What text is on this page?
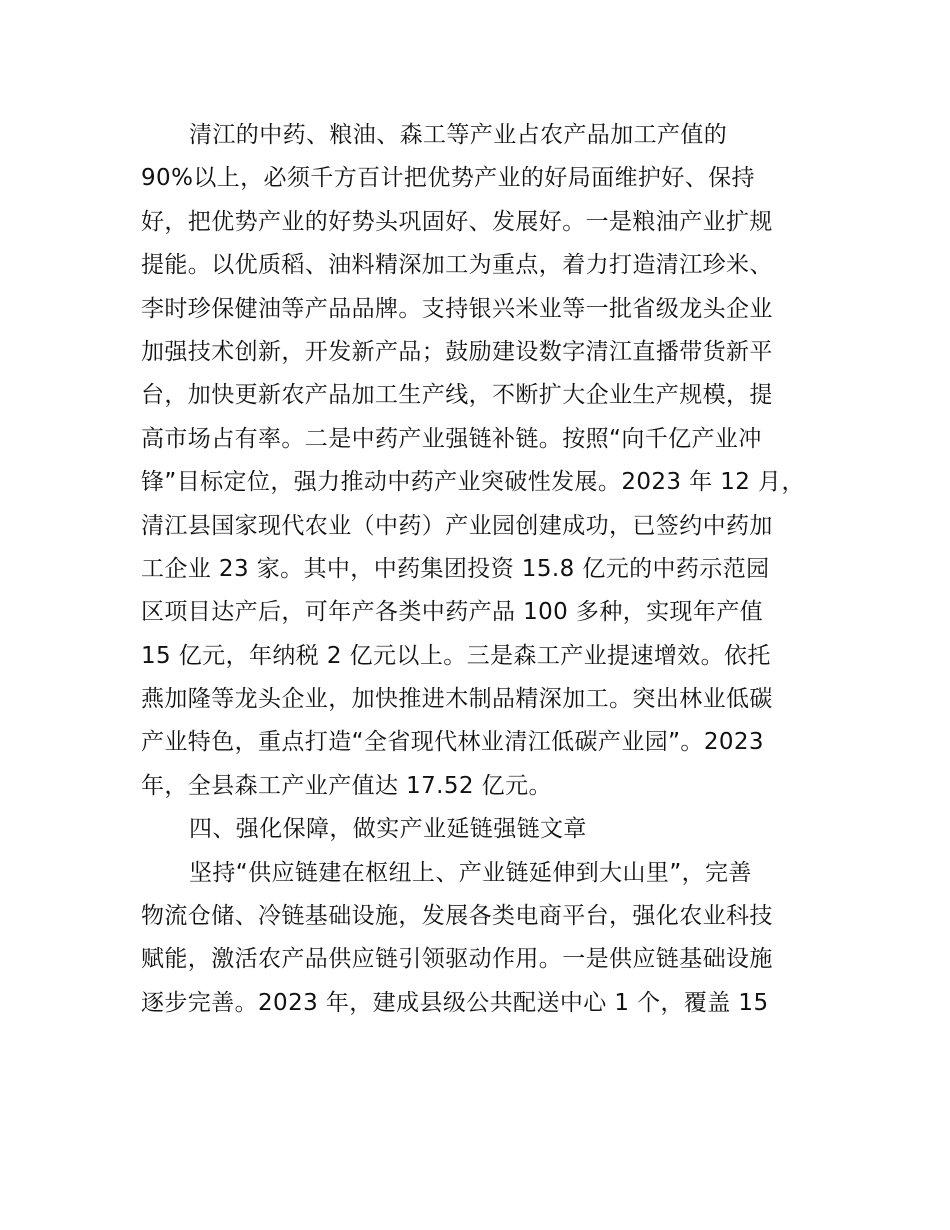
清江的中药、粮油、森工等产业占农产品加工产值的
90%以上，必须千方百计把优势产业的好局面维护好、保持
好，把优势产业的好势头巩固好、发展好。一是粮油产业扩规
提能。以优质稻、油料精深加工为重点，着力打造清江珍米、
李时珍保健油等产品品牌。支持银兴米业等一批省级龙头企业
加强技术创新，开发新产品；鼓励建设数字清江直播带货新平
台，加快更新农产品加工生产线，不断扩大企业生产规模，提
高市场占有率。二是中药产业强链补链。按照“向千亿产业冲
锋”目标定位，强力推动中药产业突破性发展。2023 年 12 月，
清江县国家现代农业（中药）产业园创建成功，已签约中药加
工企业 23 家。其中，中药集团投资 15.8 亿元的中药示范园
区项目达产后，可年产各类中药产品 100 多种，实现年产值
15 亿元，年纳税 2 亿元以上。三是森工产业提速增效。依托
燕加隆等龙头企业，加快推进木制品精深加工。突出林业低碳
产业特色，重点打造“全省现代林业清江低碳产业园”。2023
年，全县森工产业产值达 17.52 亿元。
四、强化保障，做实产业延链强链文章
坚持“供应链建在枢纽上、产业链延伸到大山里”，完善
物流仓储、冷链基础设施，发展各类电商平台，强化农业科技
赋能，激活农产品供应链引领驱动作用。一是供应链基础设施
逐步完善。2023 年，建成县级公共配送中心 1 个，覆盖 15
